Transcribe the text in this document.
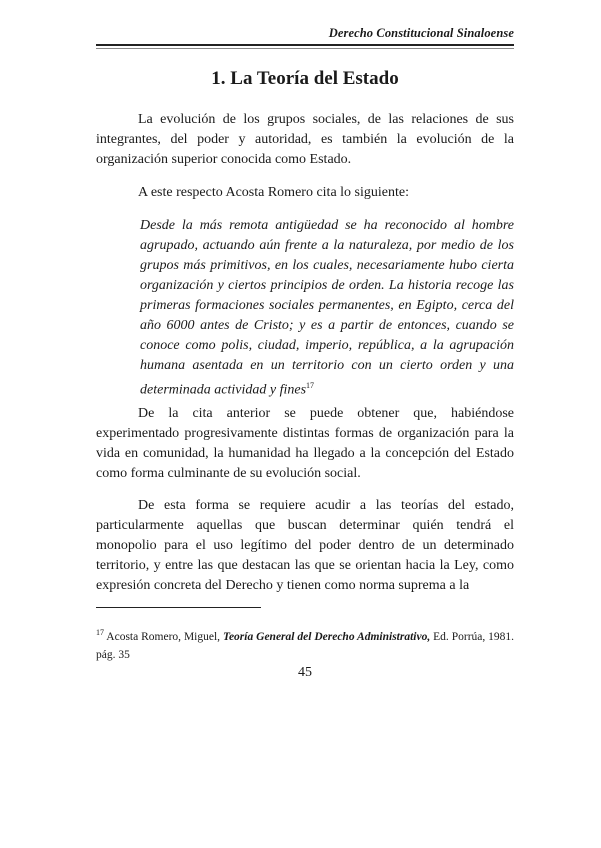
Derecho Constitucional Sinaloense
1. La Teoría del Estado

La evolución de los grupos sociales, de las relaciones de sus integrantes, del poder y autoridad, es también la evolución de la organización superior conocida como Estado.

A este respecto Acosta Romero cita lo siguiente:

Desde la más remota antigüedad se ha reconocido al hombre agrupado, actuando aún frente a la naturaleza, por medio de los grupos más primitivos, en los cuales, necesariamente hubo cierta organización y ciertos principios de orden. La historia recoge las primeras formaciones sociales permanentes, en Egipto, cerca del año 6000 antes de Cristo; y es a partir de entonces, cuando se conoce como polis, ciudad, imperio, república, a la agrupación humana asentada en un territorio con un cierto orden y una determinada actividad y fines$^{17}$

De la cita anterior se puede obtener que, habiéndose experimentado progresivamente distintas formas de organización para la vida en comunidad, la humanidad ha llegado a la concepción del Estado como forma culminante de su evolución social.

De esta forma se requiere acudir a las teorías del estado, particularmente aquellas que buscan determinar quién tendrá el monopolio para el uso legítimo del poder dentro de un determinado territorio, y entre las que destacan las que se orientan hacia la Ley, como expresión concreta del Derecho y tienen como norma suprema a la

$^{17}$ Acosta Romero, Miguel, Teoría General del Derecho Administrativo, Ed. Porrúa, 1981. pág. 35

45
